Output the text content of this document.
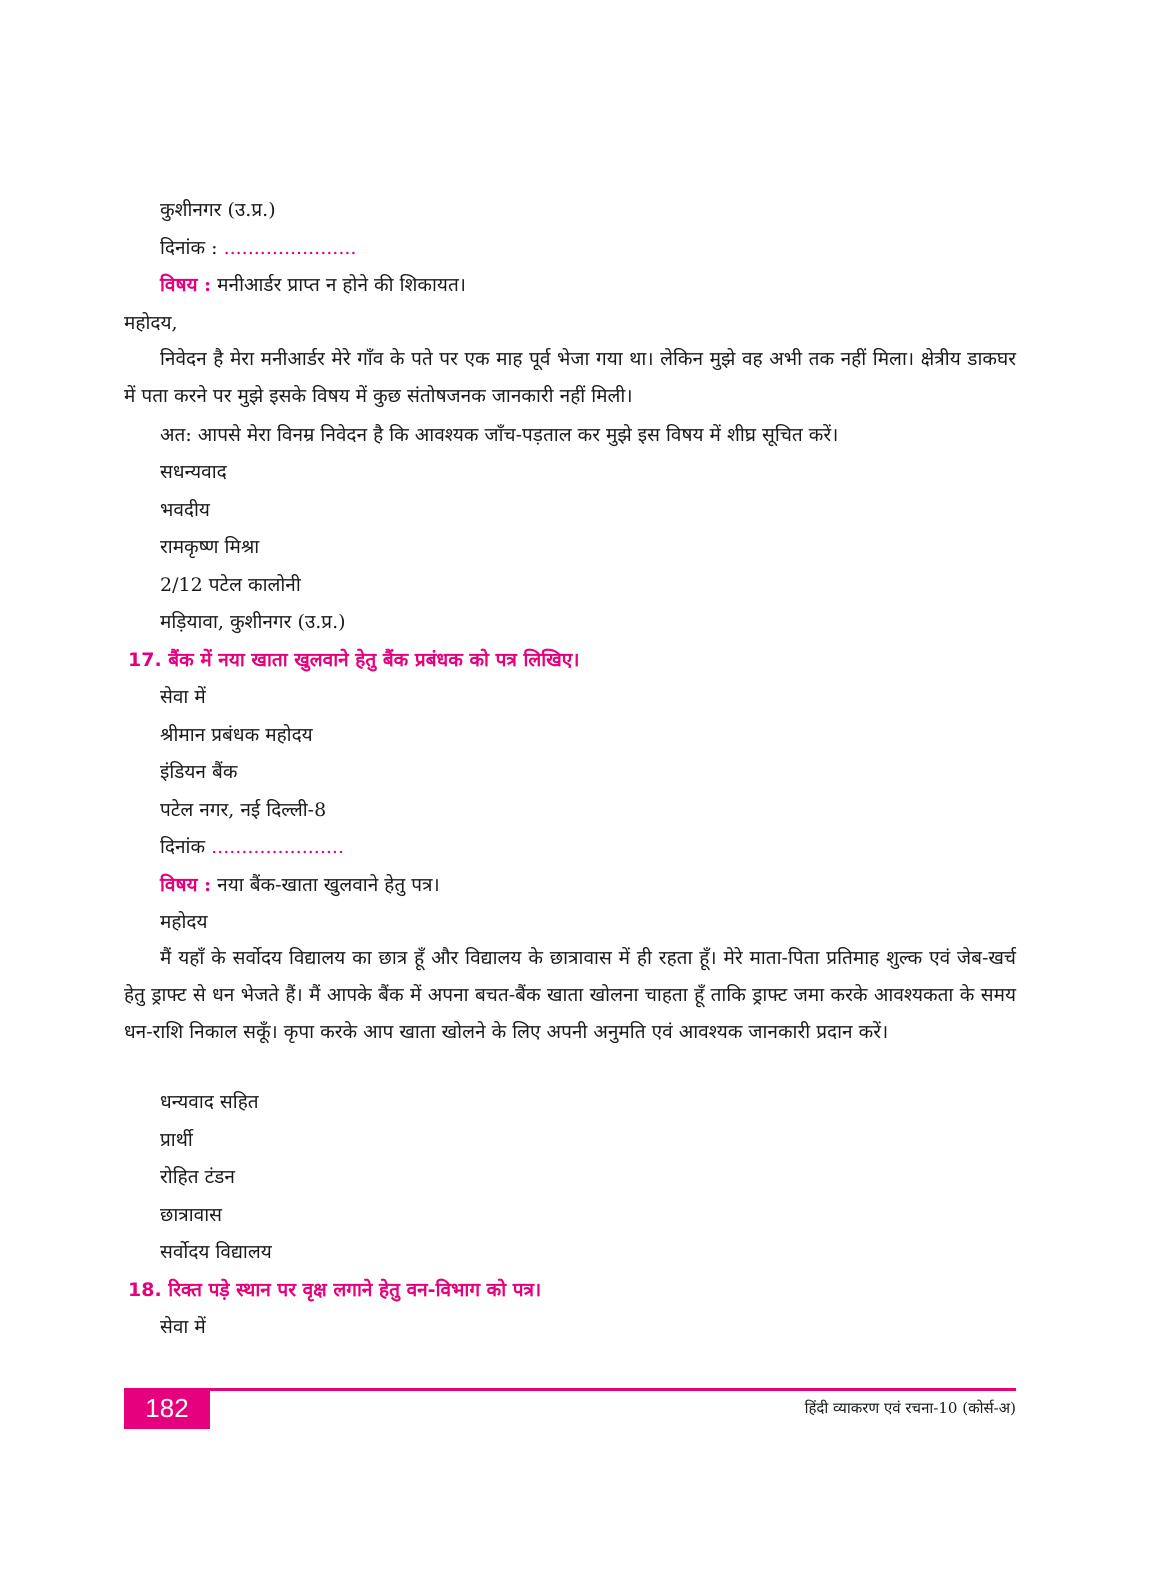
कुशीनगर (उ.प्र.)
दिनांक : ......................
विषय : मनीआर्डर प्राप्त न होने की शिकायत।
महोदय,
निवेदन है मेरा मनीआर्डर मेरे गाँव के पते पर एक माह पूर्व भेजा गया था। लेकिन मुझे वह अभी तक नहीं मिला। क्षेत्रीय डाकघर में पता करने पर मुझे इसके विषय में कुछ संतोषजनक जानकारी नहीं मिली।
अत: आपसे मेरा विनम्र निवेदन है कि आवश्यक जाँच-पड़ताल कर मुझे इस विषय में शीघ्र सूचित करें।
सधन्यवाद
भवदीय
रामकृष्ण मिश्रा
2/12 पटेल कालोनी
मड़ियावा, कुशीनगर (उ.प्र.)
17. बैंक में नया खाता खुलवाने हेतु बैंक प्रबंधक को पत्र लिखिए।
सेवा में
श्रीमान प्रबंधक महोदय
इंडियन बैंक
पटेल नगर, नई दिल्ली-8
दिनांक ......................
विषय : नया बैंक-खाता खुलवाने हेतु पत्र।
महोदय
मैं यहाँ के सर्वोदय विद्यालय का छात्र हूँ और विद्यालय के छात्रावास में ही रहता हूँ। मेरे माता-पिता प्रतिमाह शुल्क एवं जेब-खर्च हेतु ड्राफ्ट से धन भेजते हैं। मैं आपके बैंक में अपना बचत-बैंक खाता खोलना चाहता हूँ ताकि ड्राफ्ट जमा करके आवश्यकता के समय धन-राशि निकाल सकूँ। कृपा करके आप खाता खोलने के लिए अपनी अनुमति एवं आवश्यक जानकारी प्रदान करें।
धन्यवाद सहित
प्रार्थी
रोहित टंडन
छात्रावास
सर्वोदय विद्यालय
18. रिक्त पड़े स्थान पर वृक्ष लगाने हेतु वन-विभाग को पत्र।
सेवा में
182	हिंदी व्याकरण एवं रचना-10 (कोर्स-अ)
